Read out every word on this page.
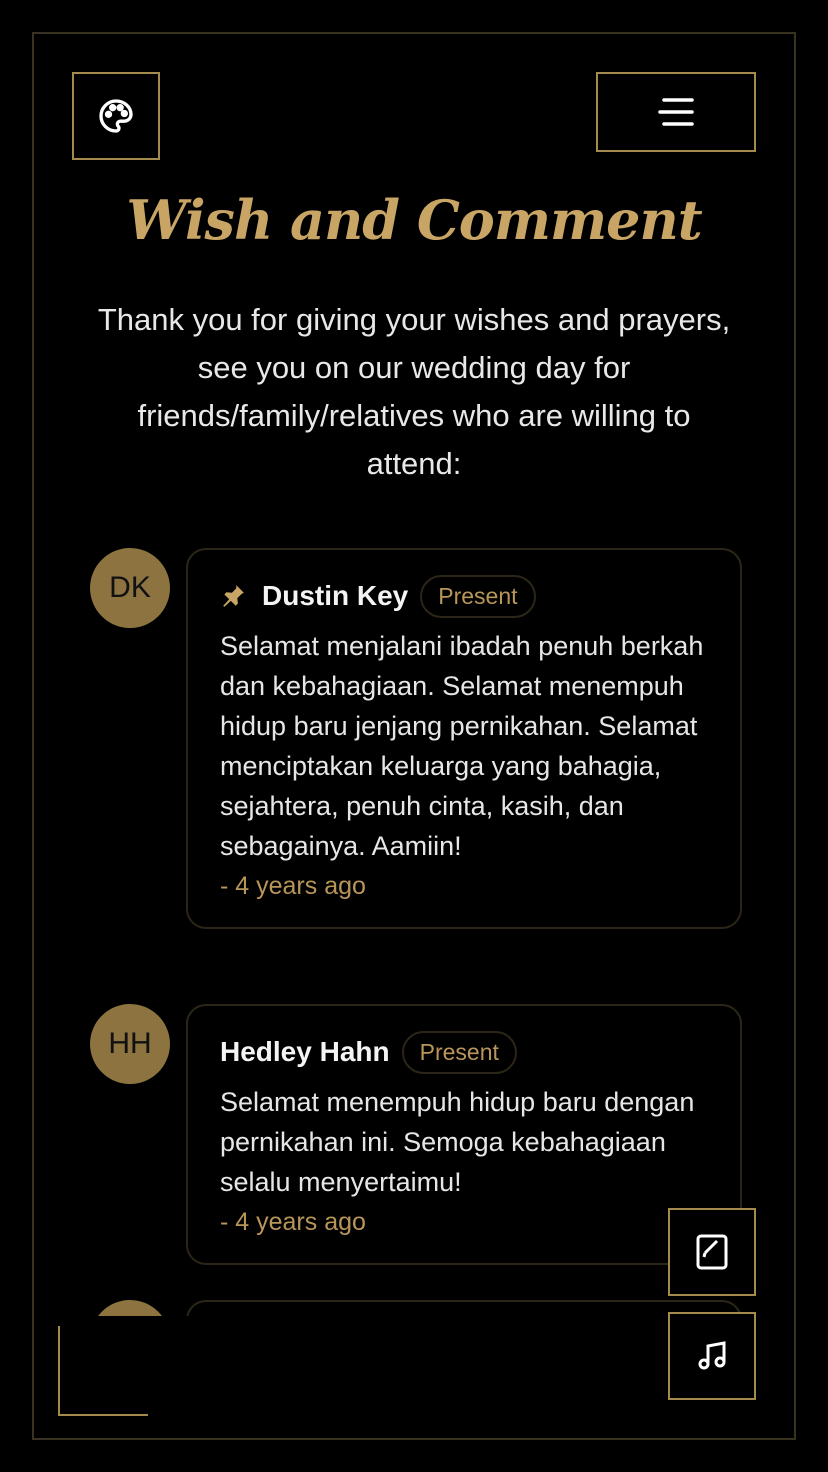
Wish and Comment

Thank you for giving your wishes and prayers, see you on our wedding day for friends/family/relatives who are willing to attend:

DK	Dustin Key	Present

Selamat menjalani ibadah penuh berkah dan kebahagiaan. Selamat menempuh hidup baru jenjang pernikahan. Selamat menciptakan keluarga yang bahagia, sejahtera, penuh cinta, kasih, dan sebagainya. Aamiin!

- 4 years ago

HH	Hedley Hahn	Present

Selamat menempuh hidup baru dengan pernikahan ini. Semoga kebahagiaan selalu menyertaimu!

- 4 years ago
